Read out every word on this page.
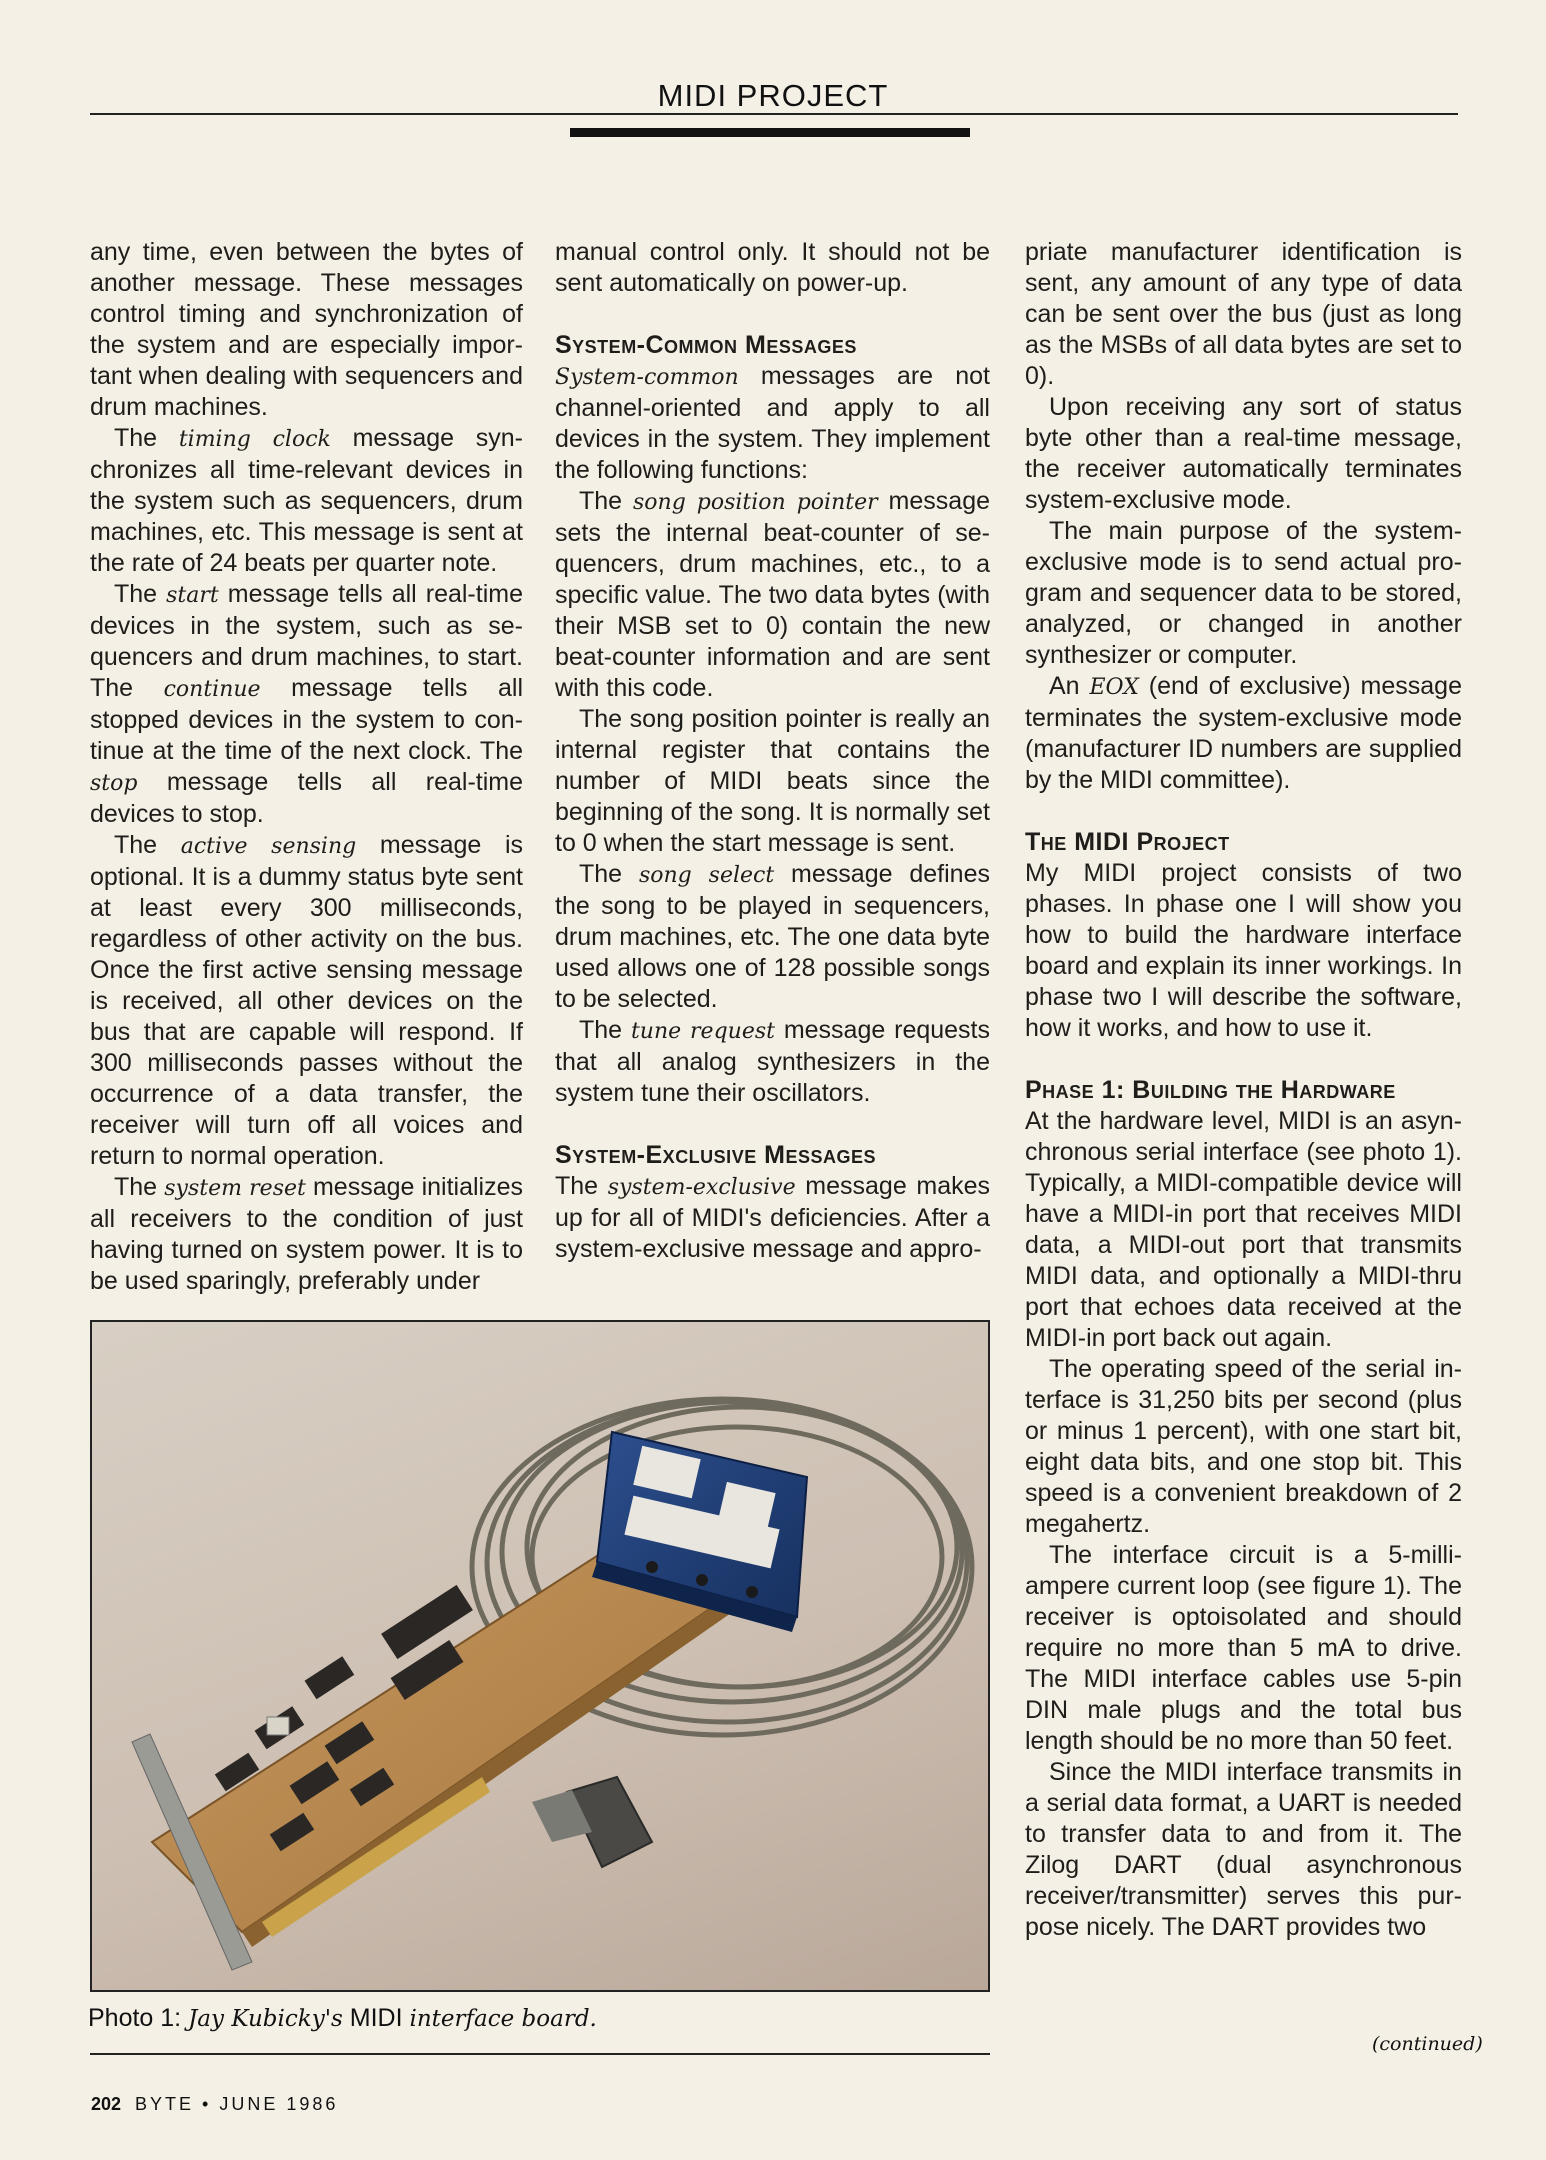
MIDI PROJECT

any time, even between the bytes of another message. These messages control timing and synchronization of the system and are especially important when dealing with sequencers and drum machines.

The timing clock message synchronizes all time-relevant devices in the system such as sequencers, drum machines, etc. This message is sent at the rate of 24 beats per quarter note.

The start message tells all real-time devices in the system, such as sequencers and drum machines, to start. The continue message tells all stopped devices in the system to continue at the time of the next clock. The stop message tells all real-time devices to stop.

The active sensing message is optional. It is a dummy status byte sent at least every 300 milliseconds, regardless of other activity on the bus. Once the first active sensing message is received, all other devices on the bus that are capable will respond. If 300 milliseconds passes without the occurrence of a data transfer, the receiver will turn off all voices and return to normal operation.

The system reset message initializes all receivers to the condition of just having turned on system power. It is to be used sparingly, preferably under

manual control only. It should not be sent automatically on power-up.

System-Common Messages

System-common messages are not channel-oriented and apply to all devices in the system. They implement the following functions:

The song position pointer message sets the internal beat-counter of sequencers, drum machines, etc., to a specific value. The two data bytes (with their MSB set to 0) contain the new beat-counter information and are sent with this code.

The song position pointer is really an internal register that contains the number of MIDI beats since the beginning of the song. It is normally set to 0 when the start message is sent.

The song select message defines the song to be played in sequencers, drum machines, etc. The one data byte used allows one of 128 possible songs to be selected.

The tune request message requests that all analog synthesizers in the system tune their oscillators.

System-Exclusive Messages

The system-exclusive message makes up for all of MIDI's deficiencies. After a system-exclusive message and appro-

priate manufacturer identification is sent, any amount of any type of data can be sent over the bus (just as long as the MSBs of all data bytes are set to 0).

Upon receiving any sort of status byte other than a real-time message, the receiver automatically terminates system-exclusive mode.

The main purpose of the system-exclusive mode is to send actual program and sequencer data to be stored, analyzed, or changed in another synthesizer or computer.

An EOX (end of exclusive) message terminates the system-exclusive mode (manufacturer ID numbers are supplied by the MIDI committee).

The MIDI Project

My MIDI project consists of two phases. In phase one I will show you how to build the hardware interface board and explain its inner workings. In phase two I will describe the software, how it works, and how to use it.

Phase 1: Building the Hardware

At the hardware level, MIDI is an asynchronous serial interface (see photo 1). Typically, a MIDI-compatible device will have a MIDI-in port that receives MIDI data, a MIDI-out port that transmits MIDI data, and optionally a MIDI-thru port that echoes data received at the MIDI-in port back out again.

The operating speed of the serial interface is 31,250 bits per second (plus or minus 1 percent), with one start bit, eight data bits, and one stop bit. This speed is a convenient breakdown of 2 megahertz.

The interface circuit is a 5-milliampere current loop (see figure 1). The receiver is optoisolated and should require no more than 5 mA to drive. The MIDI interface cables use 5-pin DIN male plugs and the total bus length should be no more than 50 feet.

Since the MIDI interface transmits in a serial data format, a UART is needed to transfer data to and from it. The Zilog DART (dual asynchronous receiver/transmitter) serves this purpose nicely. The DART provides two

Photo 1: Jay Kubicky's MIDI interface board.
(continued)
202 BYTE • JUNE 1986
